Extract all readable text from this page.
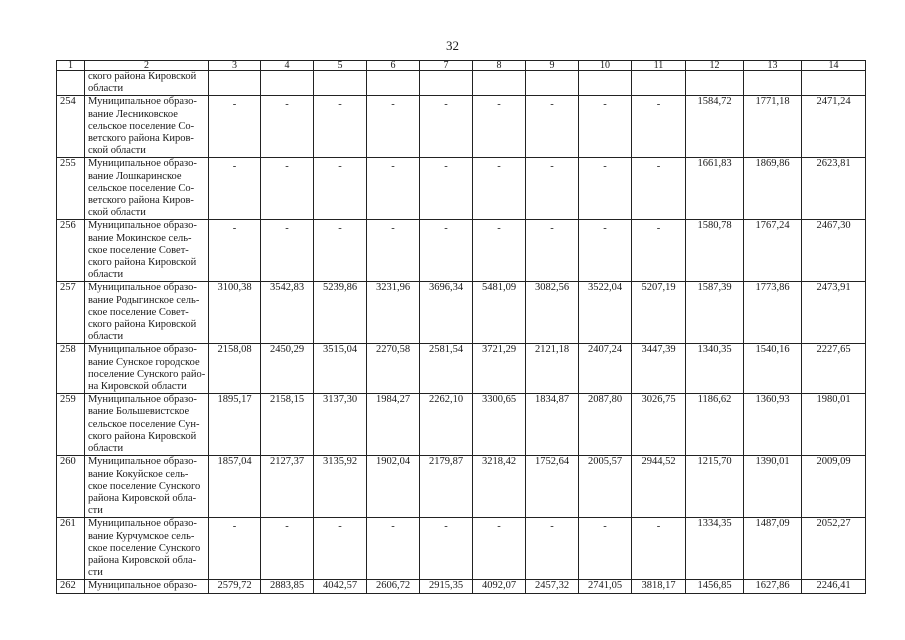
32
1	2	3	4	5	6	7	8	9	10	11	12	13	14	

	ского района Кировской
области													

254	Муниципальное образо-
вание Лесниковское
сельское поселение Со-
ветского района Киров-
ской области	-	-	-	-	-	-	-	-	-	1584,72	1771,18	2471,24	
255	Муниципальное образо-
вание Лошкаринское
сельское поселение Со-
ветского района Киров-
ской области	-	-	-	-	-	-	-	-	-	1661,83	1869,86	2623,81	
256	Муниципальное образо-
вание Мокинское сель-
ское поселение Совет-
ского района Кировской
области	-	-	-	-	-	-	-	-	-	1580,78	1767,24	2467,30	
257	Муниципальное образо-
вание Родыгинское сель-
ское поселение Совет-
ского района Кировской
области	3100,38	3542,83	5239,86	3231,96	3696,34	5481,09	3082,56	3522,04	5207,19	1587,39	1773,86	2473,91	
258	Муниципальное образо-
вание Сунское городское
поселение Сунского райо-
на Кировской области	2158,08	2450,29	3515,04	2270,58	2581,54	3721,29	2121,18	2407,24	3447,39	1340,35	1540,16	2227,65	
259	Муниципальное образо-
вание Большевистское
сельское поселение Сун-
ского района Кировской
области	1895,17	2158,15	3137,30	1984,27	2262,10	3300,65	1834,87	2087,80	3026,75	1186,62	1360,93	1980,01	
260	Муниципальное образо-
вание Кокуйское сель-
ское поселение Сунского
района Кировской обла-
сти	1857,04	2127,37	3135,92	1902,04	2179,87	3218,42	1752,64	2005,57	2944,52	1215,70	1390,01	2009,09	
261	Муниципальное образо-
вание Курчумское сель-
ское поселение Сунского
района Кировской обла-
сти	-	-	-	-	-	-	-	-	-	1334,35	1487,09	2052,27	
262	Муниципальное образо-	2579,72	2883,85	4042,57	2606,72	2915,35	4092,07	2457,32	2741,05	3818,17	1456,85	1627,86	2246,41	
